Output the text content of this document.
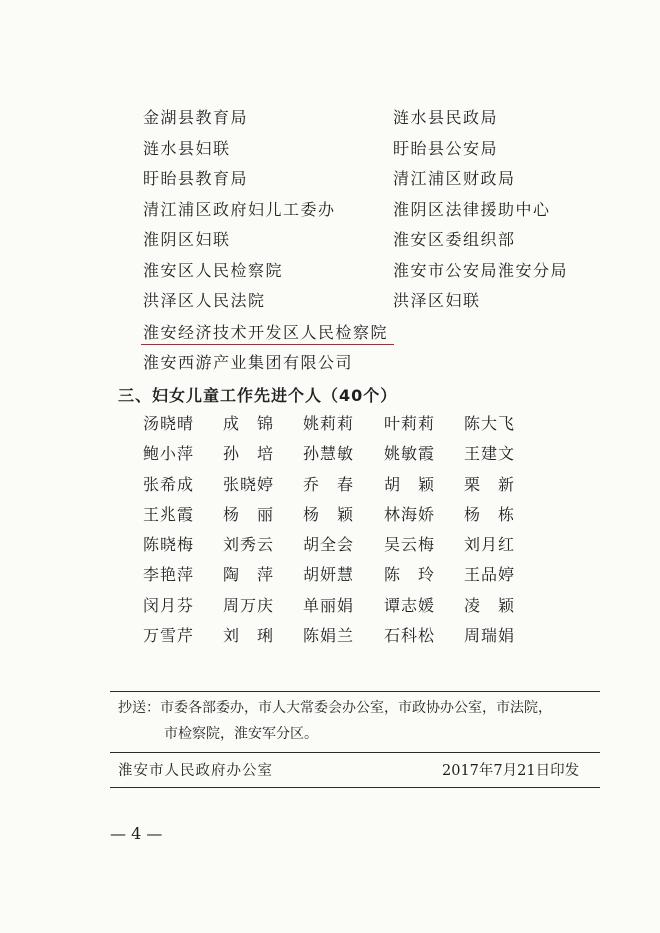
金湖县教育局	涟水县民政局
涟水县妇联	盱眙县公安局
盱眙县教育局	清江浦区财政局
清江浦区政府妇儿工委办	淮阴区法律援助中心
淮阴区妇联	淮安区委组织部
淮安区人民检察院	淮安市公安局淮安分局
洪泽区人民法院	洪泽区妇联
淮安经济技术开发区人民检察院
淮安西游产业集团有限公司
三、妇女儿童工作先进个人（40个）
汤晓晴 成　锦 姚莉莉 叶莉莉 陈大飞
鲍小萍 孙　培 孙慧敏 姚敏霞 王建文
张希成 张晓婷 乔　春 胡　颖 栗　新
王兆霞 杨　丽 杨　颖 林海娇 杨　栋
陈晓梅 刘秀云 胡全会 吴云梅 刘月红
李艳萍 陶　萍 胡妍慧 陈　玲 王品婷
闵月芬 周万庆 单丽娟 谭志媛 凌　颖
万雪芹 刘　琍 陈娟兰 石科松 周瑞娟
抄送：市委各部委办，市人大常委会办公室，市政协办公室，市法院，
市检察院，淮安军分区。
淮安市人民政府办公室	2017年7月21日印发
— 4 —
